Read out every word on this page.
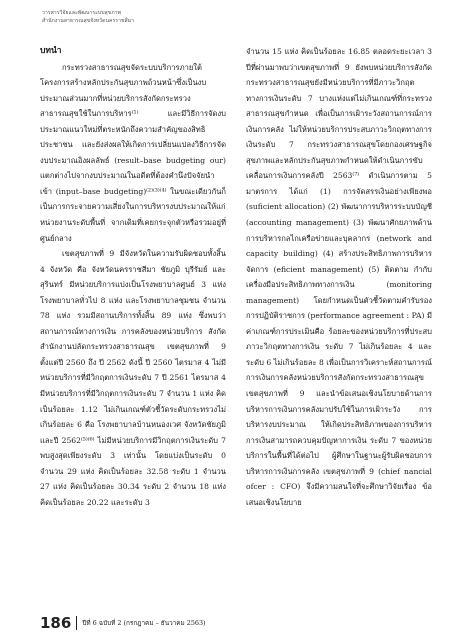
วารสารวิจัยและพัฒนาระบบสุขภาพ
สำนักงานสาธารณสุขจังหวัดนครราชสีมา

บทนำ

กระทรวงสาธารณสุขจัดระบบบริการภายใต้โครงการสร้างหลักประกันสุขภาพถ้วนหน้าซึ่งเป็นงบประมาณส่วนมากที่หน่วยบริการสังกัดกระทรวงสาธารณสุขใช้ในการบริหาร⁽¹⁾ และมีวิธีการจัดงบประมาณแนวใหม่ที่ตระหนักถึงความสำคัญของสิทธิประชาชน และยังส่งผลให้เกิดการเปลี่ยนแปลงวิธีการจัดงบประมาณอิงผลลัพธ์ (result–base budgeting our) แตกต่างไปจากงบประมาณในอดีตที่ต้องคำนึงปัจจัยนำเข้า (input–base budgeting)⁽²⁾⁽³⁾⁽⁴⁾ ในขณะเดียวกันก็เป็นการกระจายความเสี่ยงในการบริหารงบประมาณให้แก่หน่วยงานระดับพื้นที่ จากเดิมที่เคยกระจุกตัวหรือรวมอยู่ที่ศูนย์กลาง

เขตสุขภาพที่ 9 มีจังหวัดในความรับผิดชอบทั้งสิ้น 4 จังหวัด คือ จังหวัดนครราชสีมา ชัยภูมิ บุรีรัมย์ และสุรินทร์ มีหน่วยบริการแบ่งเป็นโรงพยาบาลศูนย์ 3 แห่ง โรงพยาบาลทั่วไป 8 แห่ง และโรงพยาบาลชุมชน จำนวน 78 แห่ง รวมมีสถานบริการทั้งสิ้น 89 แห่ง ซึ่งพบว่าสถานการณ์ทางการเงิน การคลังของหน่วยบริการ สังกัดสำนักงานปลัดกระทรวงสาธารณสุข เขตสุขภาพที่ 9 ตั้งแต่ปี 2560 ถึง ปี 2562 ดังนี้ ปี 2560 ไตรมาส 4 ไม่มีหน่วยบริการที่มีวิกฤตการเงินระดับ 7 ปี 2561 ไตรมาส 4 มีหน่วยบริการที่มีวิกฤตการเงินระดับ 7 จำนวน 1 แห่ง คิดเป็นร้อยละ 1.12 ไม่เกินเกณฑ์ตัวชี้วัดระดับกระทรวงไม่เกินร้อยละ 6 คือ โรงพยาบาลบ้านหนองเวศ จังหวัดชัยภูมิ และปี 2562⁽⁵⁾⁽⁶⁾ ไม่มีหน่วยบริการมีวิกฤตการเงินระดับ 7 พบสูงสุดเพียงระดับ 3 เท่านั้น โดยแบ่งเป็นระดับ 0 จำนวน 29 แห่ง คิดเป็นร้อยละ 32.58 ระดับ 1 จำนวน 27 แห่ง คิดเป็นร้อยละ 30.34 ระดับ 2 จำนวน 18 แห่ง คิดเป็นร้อยละ 20.22 และระดับ 3

จำนวน 15 แห่ง คิดเป็นร้อยละ 16.85 ตลอดระยะเวลา 3 ปีที่ผ่านมาพบว่าเขตสุขภาพที่ 9 ยังพบหน่วยบริการสังกัดกระทรวงสาธารณสุขยังมีหน่วยบริการที่มีภาวะวิกฤตทางการเงินระดับ 7 บางแห่งแต่ไม่เกินเกณฑ์ที่กระทรวงสาธารณสุขกำหนด เพื่อเป็นการเฝ้าระวังสถานการณ์การเงินการคลัง ไม่ให้หน่วยบริการประสบภาวะวิกฤตทางการเงินระดับ 7 กระทรวงสาธารณสุขโดยกองเศรษฐกิจสุขภาพและหลักประกันสุขภาพกำหนดให้ดำเนินการขับเคลื่อนการเงินการคลังปี 2563⁽⁷⁾ ดำเนินการตาม 5 มาตรการ ได้แก่ (1) การจัดสรรเงินอย่างเพียงพอ (suficient allocation) (2) พัฒนาการบริหารระบบบัญชี (accounting management) (3) พัฒนาศักยภาพด้านการบริหารกลไกเครือข่ายและบุคลากร (network and capacity building) (4) สร้างประสิทธิภาพการบริหารจัดการ (eficient management) (5) ติดตาม กำกับ เครื่องมือประสิทธิภาพทางการเงิน (monitoring management) โดยกำหนดเป็นตัวชี้วัดตามคำรับรองการปฏิบัติราชการ (performance agreement : PA) มีค่าเกณฑ์การประเมินคือ ร้อยละของหน่วยบริการที่ประสบภาวะวิกฤตทางการเงิน ระดับ 7 ไม่เกินร้อยละ 4 และระดับ 6 ไม่เกินร้อยละ 8 เพื่อเป็นการวิเคราะห์สถานการณ์การเงินการคลังหน่วยบริการสังกัดกระทรวงสาธารณสุข เขตสุขภาพที่ 9 และนำข้อเสนอเชิงนโยบายด้านการบริหารการเงินการคลังมาปรับใช้ในการเฝ้าระวัง การบริหารงบประมาณ ให้เกิดประสิทธิภาพของการบริหารการเงินสามารถควบคุมปัญหาการเงิน ระดับ 7 ของหน่วยบริการในพื้นที่ได้ต่อไป ผู้ศึกษาในฐานะผู้รับผิดชอบการบริหารการเงินการคลัง เขตสุขภาพที่ 9 (chief nancial ofcer : CFO) จึงมีความสนใจที่จะศึกษาวิจัยเรื่อง ข้อเสนอเชิงนโยบาย

186 ปีที่ 6 ฉบับที่ 2 (กรกฎาคม – ธันวาคม 2563)
